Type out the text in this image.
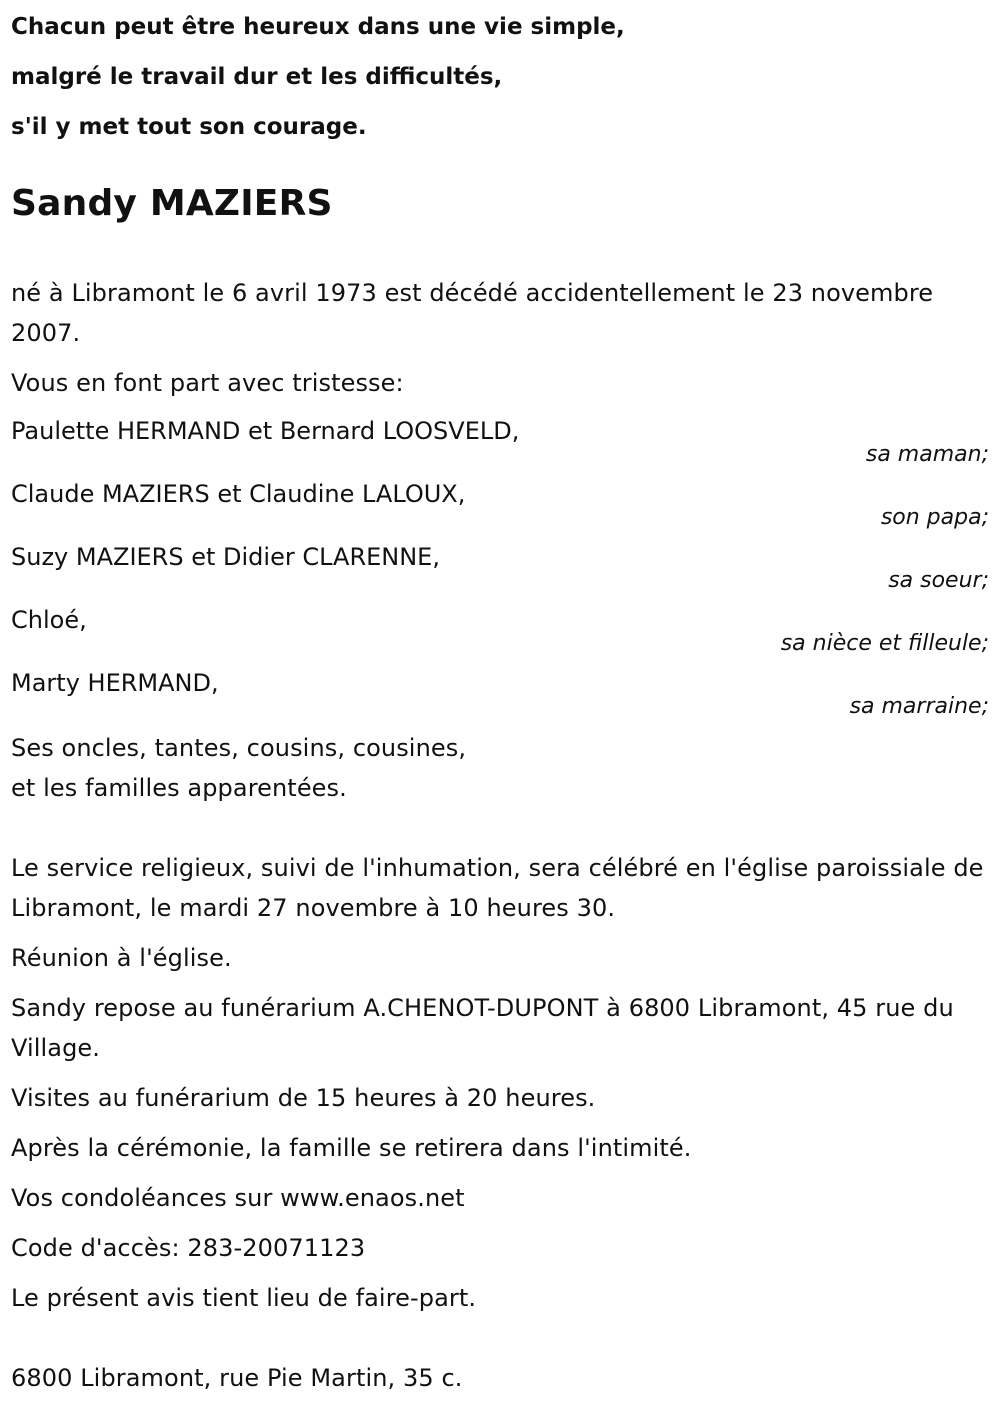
Chacun peut être heureux dans une vie simple,
malgré le travail dur et les difficultés,
s'il y met tout son courage.
Sandy MAZIERS

né à Libramont le 6 avril 1973 est décédé accidentellement le 23 novembre 2007.

Vous en font part avec tristesse:

Paulette HERMAND et Bernard LOOSVELD,
sa maman;
Claude MAZIERS et Claudine LALOUX,
son papa;
Suzy MAZIERS et Didier CLARENNE,
sa soeur;
Chloé,
sa nièce et filleule;
Marty HERMAND,
sa marraine;
Ses oncles, tantes, cousins, cousines,
et les familles apparentées.

Le service religieux, suivi de l'inhumation, sera célébré en l'église paroissiale de Libramont, le mardi 27 novembre à 10 heures 30.

Réunion à l'église.

Sandy repose au funérarium A.CHENOT-DUPONT à 6800 Libramont, 45 rue du Village.

Visites au funérarium de 15 heures à 20 heures.

Après la cérémonie, la famille se retirera dans l'intimité.

Vos condoléances sur www.enaos.net

Code d'accès: 283-20071123

Le présent avis tient lieu de faire-part.

6800 Libramont, rue Pie Martin, 35 c.
